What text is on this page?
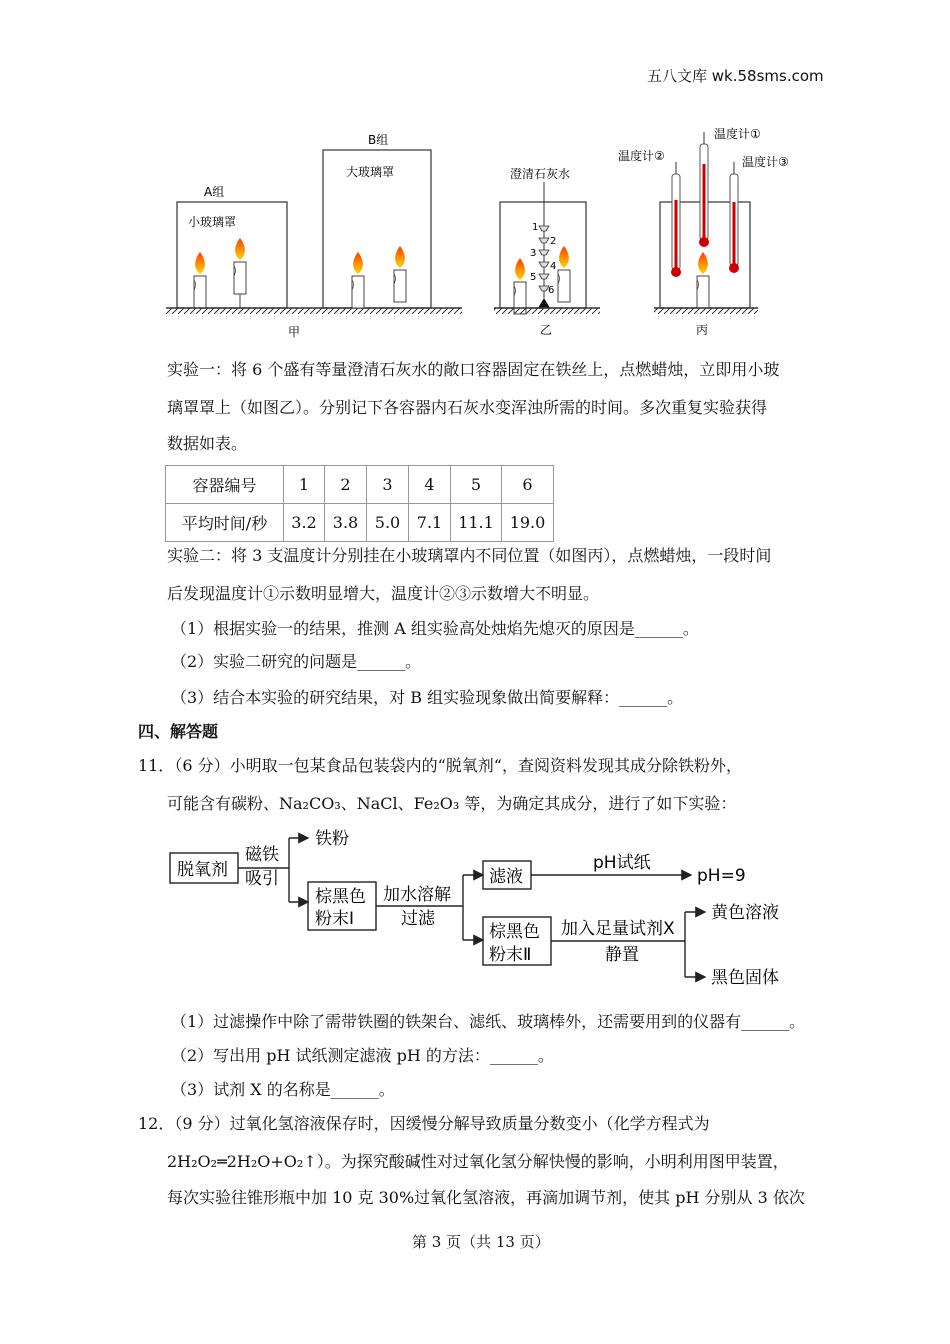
五八文库 wk.58sms.com
A组
小玻璃罩
B组
大玻璃罩
甲
澄清石灰水
1
2
3
4
5
6
乙
温度计②
温度计①
温度计③
丙
实验一：将 6 个盛有等量澄清石灰水的敞口容器固定在铁丝上，点燃蜡烛，立即用小玻
璃罩罩上（如图乙）。分别记下各容器内石灰水变浑浊所需的时间。多次重复实验获得
数据如表。
容器编号	1	2	3	4	5	6
平均时间/秒	3.2	3.8	5.0	7.1	11.1	19.0
实验二：将 3 支温度计分别挂在小玻璃罩内不同位置（如图丙），点燃蜡烛，一段时间
后发现温度计①示数明显增大，温度计②③示数增大不明显。
（1）根据实验一的结果，推测 A 组实验高处烛焰先熄灭的原因是______。
（2）实验二研究的问题是______。
（3）结合本实验的研究结果，对 B 组实验现象做出简要解释：______。
四、解答题
11．（6 分）小明取一包某食品包装袋内的“脱氧剂“，查阅资料发现其成分除铁粉外，
可能含有碳粉、Na₂CO₃、NaCl、Fe₂O₃ 等，为确定其成分，进行了如下实验：
脱氧剂
磁铁
吸引
铁粉
棕黑色
粉末Ⅰ
加水溶解
过滤
滤液
pH试纸
pH=9
棕黑色
粉末Ⅱ
加入足量试剂X
静置
黄色溶液
黑色固体
（1）过滤操作中除了需带铁圈的铁架台、滤纸、玻璃棒外，还需要用到的仪器有______。
（2）写出用 pH 试纸测定滤液 pH 的方法：______。
（3）试剂 X 的名称是______。
12．（9 分）过氧化氢溶液保存时，因缓慢分解导致质量分数变小（化学方程式为
2H₂O₂═2H₂O+O₂↑）。为探究酸碱性对过氧化氢分解快慢的影响，小明利用图甲装置，
每次实验往锥形瓶中加 10 克 30%过氧化氢溶液，再滴加调节剂，使其 pH 分别从 3 依次
第 3 页（共 13 页）
